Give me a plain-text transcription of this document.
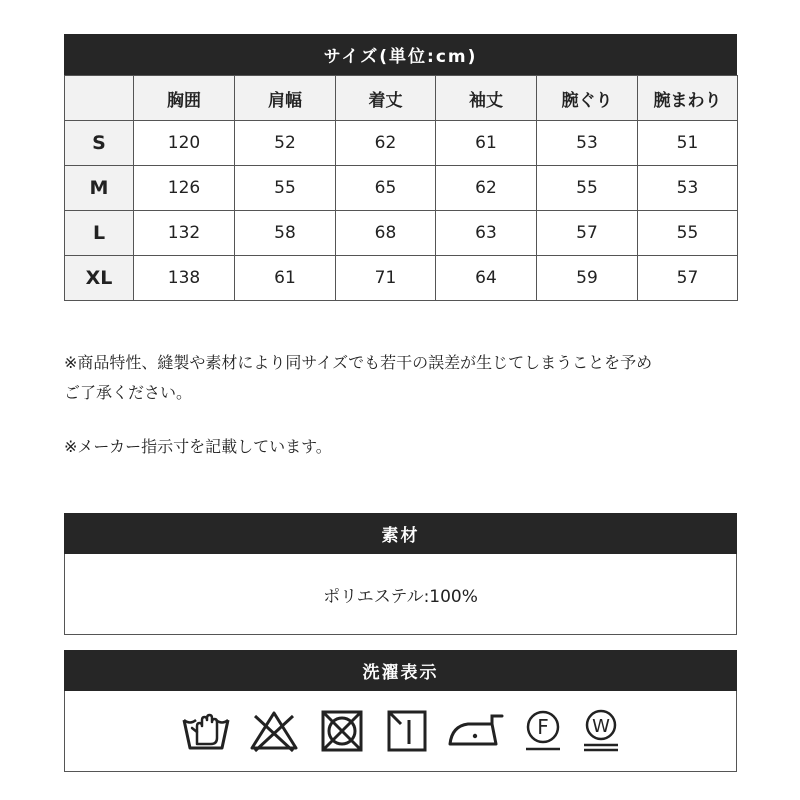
サイズ(単位:cm)
	胸囲	肩幅	着丈	袖丈	腕ぐり	腕まわり
S	120	52	62	61	53	51
M	126	55	65	62	55	53
L	132	58	68	63	57	55
XL	138	61	71	64	59	57
※商品特性、縫製や素材により同サイズでも若干の誤差が生じてしまうことを予め
ご了承ください。
※メーカー指示寸を記載しています。
素材
ポリエステル:100%
洗濯表示
F W
